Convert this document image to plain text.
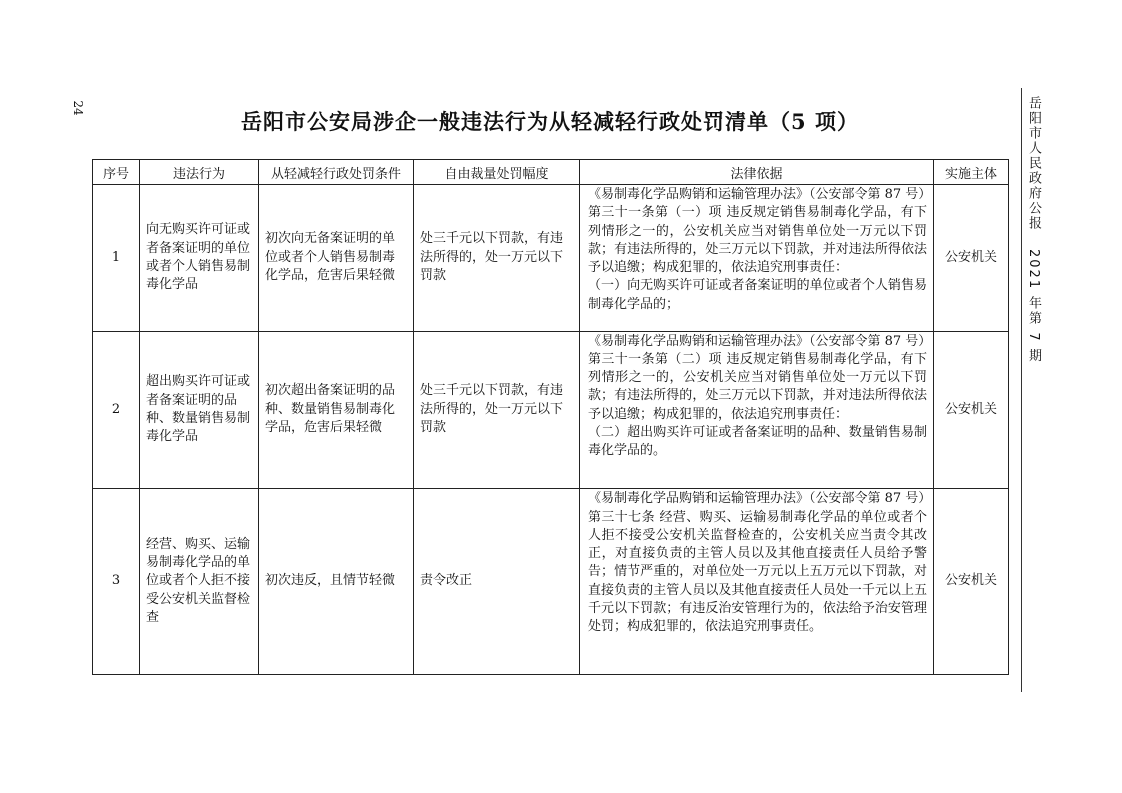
24
岳阳市公安局涉企一般违法行为从轻减轻行政处罚清单（5 项）
序号	违法行为	从轻减轻行政处罚条件	自由裁量处罚幅度	法律依据	实施主体
1	向无购买许可证或者备案证明的单位或者个人销售易制毒化学品	初次向无备案证明的单位或者个人销售易制毒化学品，危害后果轻微	处三千元以下罚款，有违法所得的，处一万元以下罚款	《易制毒化学品购销和运输管理办法》（公安部令第 87 号）
第三十一条第（一）项 违反规定销售易制毒化学品，有下列情形之一的，公安机关应当对销售单位处一万元以下罚款；有违法所得的，处三万元以下罚款，并对违法所得依法予以追缴；构成犯罪的，依法追究刑事责任：
（一）向无购买许可证或者备案证明的单位或者个人销售易制毒化学品的；	公安机关
2	超出购买许可证或者备案证明的品种、数量销售易制毒化学品	初次超出备案证明的品种、数量销售易制毒化学品，危害后果轻微	处三千元以下罚款，有违法所得的，处一万元以下罚款	《易制毒化学品购销和运输管理办法》（公安部令第 87 号）
第三十一条第（二）项 违反规定销售易制毒化学品，有下列情形之一的，公安机关应当对销售单位处一万元以下罚款；有违法所得的，处三万元以下罚款，并对违法所得依法予以追缴；构成犯罪的，依法追究刑事责任：
（二）超出购买许可证或者备案证明的品种、数量销售易制毒化学品的。	公安机关
3	经营、购买、运输易制毒化学品的单位或者个人拒不接受公安机关监督检查	初次违反，且情节轻微	责令改正	《易制毒化学品购销和运输管理办法》（公安部令第 87 号）
第三十七条 经营、购买、运输易制毒化学品的单位或者个人拒不接受公安机关监督检查的，公安机关应当责令其改正，对直接负责的主管人员以及其他直接责任人员给予警告；情节严重的，对单位处一万元以上五万元以下罚款，对直接负责的主管人员以及其他直接责任人员处一千元以上五千元以下罚款；有违反治安管理行为的，依法给予治安管理处罚；构成犯罪的，依法追究刑事责任。	公安机关
岳阳市人民政府公报 2021 年第 7 期
